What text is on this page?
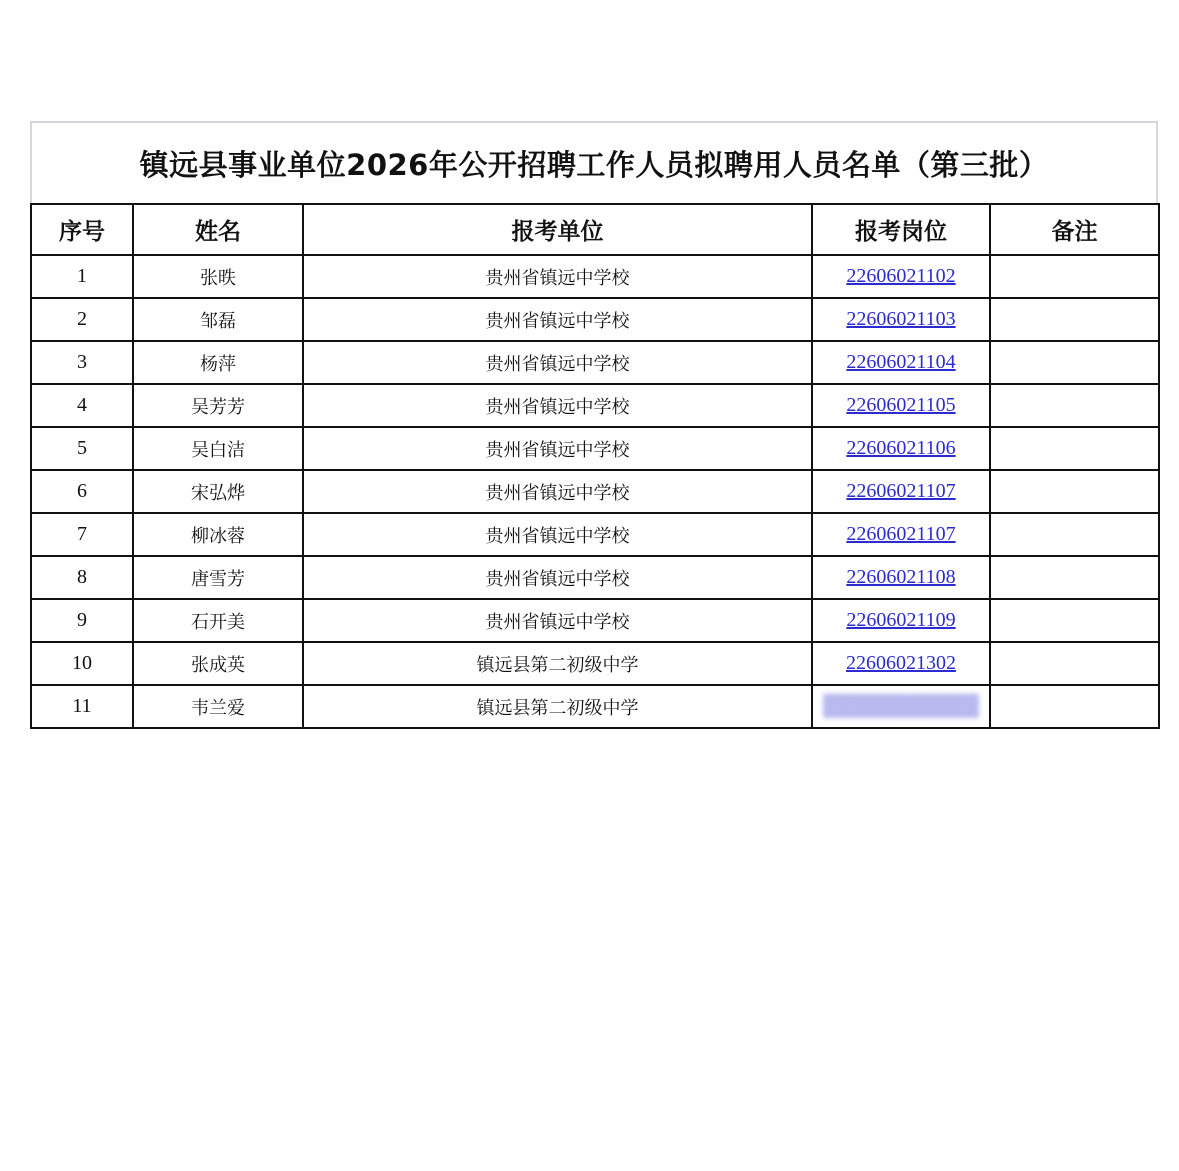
镇远县事业单位2026年公开招聘工作人员拟聘用人员名单（第三批）
序号	姓名	报考单位	报考岗位	备注
1	张昳	贵州省镇远中学校	22606021102	
2	邹磊	贵州省镇远中学校	22606021103	
3	杨萍	贵州省镇远中学校	22606021104	
4	吴芳芳	贵州省镇远中学校	22606021105	
5	吴白洁	贵州省镇远中学校	22606021106	
6	宋弘烨	贵州省镇远中学校	22606021107	
7	柳冰蓉	贵州省镇远中学校	22606021107	
8	唐雪芳	贵州省镇远中学校	22606021108	
9	石开美	贵州省镇远中学校	22606021109	
10	张成英	镇远县第二初级中学	22606021302	
11	韦兰爱	镇远县第二初级中学	███████████	
